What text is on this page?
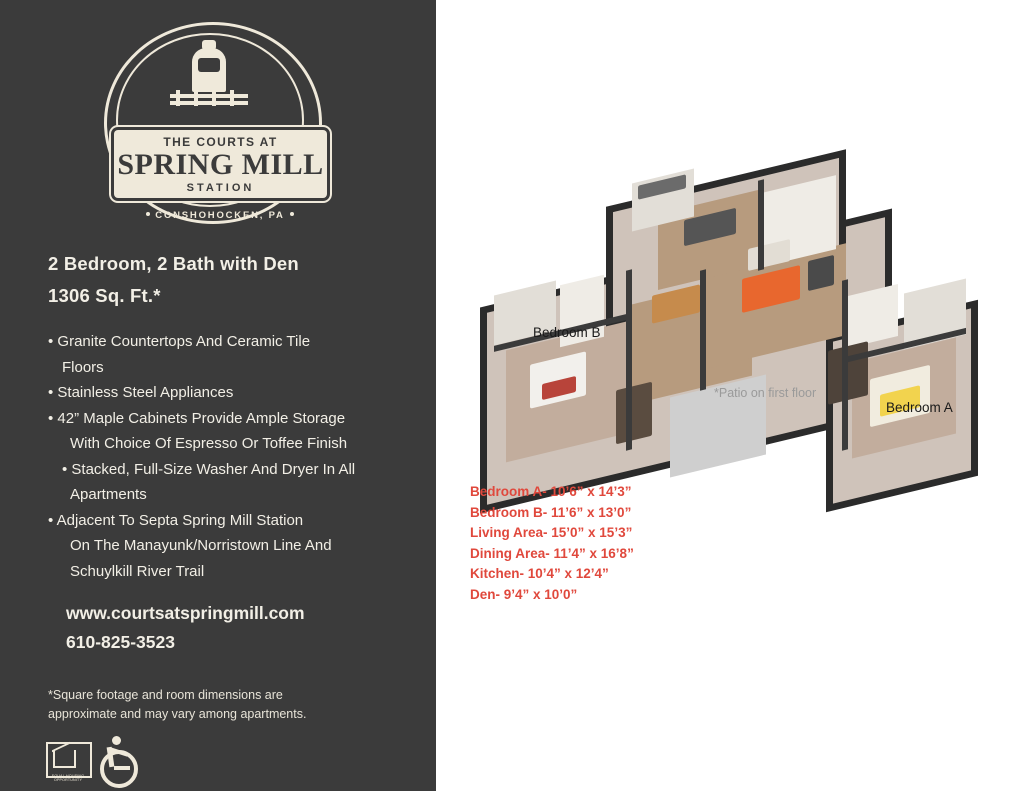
THE COURTS AT
SPRING MILL
STATION
CONSHOHOCKEN, PA
2 Bedroom, 2 Bath with Den
1306 Sq. Ft.*
• Granite Countertops And Ceramic Tile
Floors
• Stainless Steel Appliances
• 42” Maple Cabinets Provide Ample Storage
With Choice Of Espresso Or Toffee Finish
• Stacked, Full-Size Washer And Dryer In All
Apartments
• Adjacent To Septa Spring Mill Station
On The Manayunk/Norristown Line And
Schuylkill River Trail
www.courtsatspringmill.com
610-825-3523
*Square footage and room dimensions are
approximate and may vary among apartments.
EQUAL HOUSING OPPORTUNITY
Bedroom B
Bedroom A
*Patio on first floor
Bedroom A- 10’6” x 14’3”
Bedroom B- 11’6” x 13’0”
Living Area- 15’0” x 15’3”
Dining Area- 11’4” x 16’8”
Kitchen- 10’4” x 12’4”
Den- 9’4” x 10’0”
